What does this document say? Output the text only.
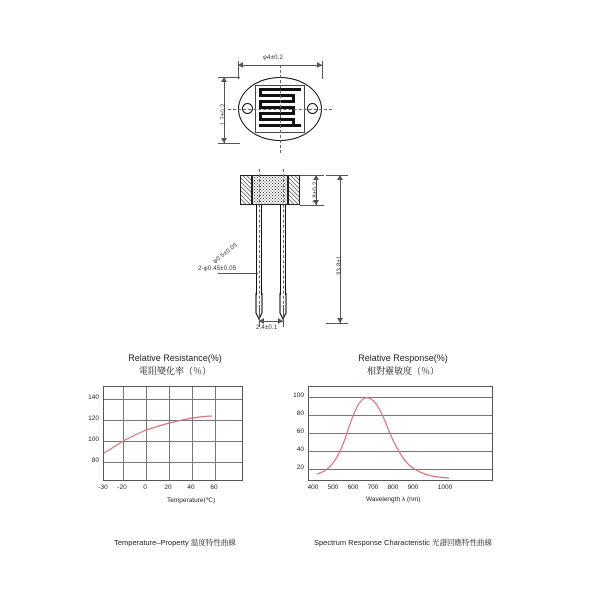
φ4±0.2
1.7±0.2
1.8±0.2
33.8±1
2-φ0.45±0.05
φ0.5±0.05
2.4±0.1
Relative Resistance(%)
電阻變化率（％）
140
120
100
80
-30	-20	0	20	40	60
Temperature(℃)
Temperature–Property 温度特性曲線
Relative Response(%)
相對靈敏度（％）
100
80
60
40
20
400	500	600	700	800	900	1000
Wavelength λ (nm)
Spectrum Response Characteristic 光譜回應特性曲線
